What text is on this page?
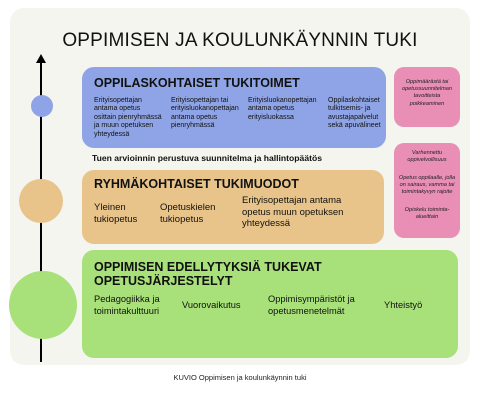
OPPIMISEN JA KOULUNKÄYNNIN TUKI
OPPILASKOHTAISET TUKITOIMET
Erityisopettajan
antama opetus
osittain pienryhmässä
ja muun opetuksen
yhteydessä
Erityisopettajan tai
erityisluokanopettajan
antama opetus
pienryhmässä
Erityisluokanopettajan
antama opetus
erityisluokassa
Oppilaskohtaiset
tulkitsemis- ja
avustajapalvelut
sekä apuvälineet
Oppimäärästä tai
opetussuunnitelman
tavoitteista
poikkeaminen
Varhennettu
oppivelvollisuus
Opetus oppilaalle, jolla
on sairaus, vamma tai
toimintakyvyn rajoite
Opiskelu toiminta-
alueittain
Tuen arvioinnin perustuva suunnitelma ja hallintopäätös
RYHMÄKOHTAISET TUKIMUODOT
Yleinen
tukiopetus
Opetuskielen
tukiopetus
Erityisopettajan antama
opetus muun opetuksen
yhteydessä
OPPIMISEN EDELLYTYKSIÄ TUKEVAT OPETUSJÄRJESTELYT
Pedagogiikka ja
toimintakulttuuri
Vuorovaikutus
Oppimisympäristöt ja
opetusmenetelmät
Yhteistyö
KUVIO Oppimisen ja koulunkäynnin tuki
